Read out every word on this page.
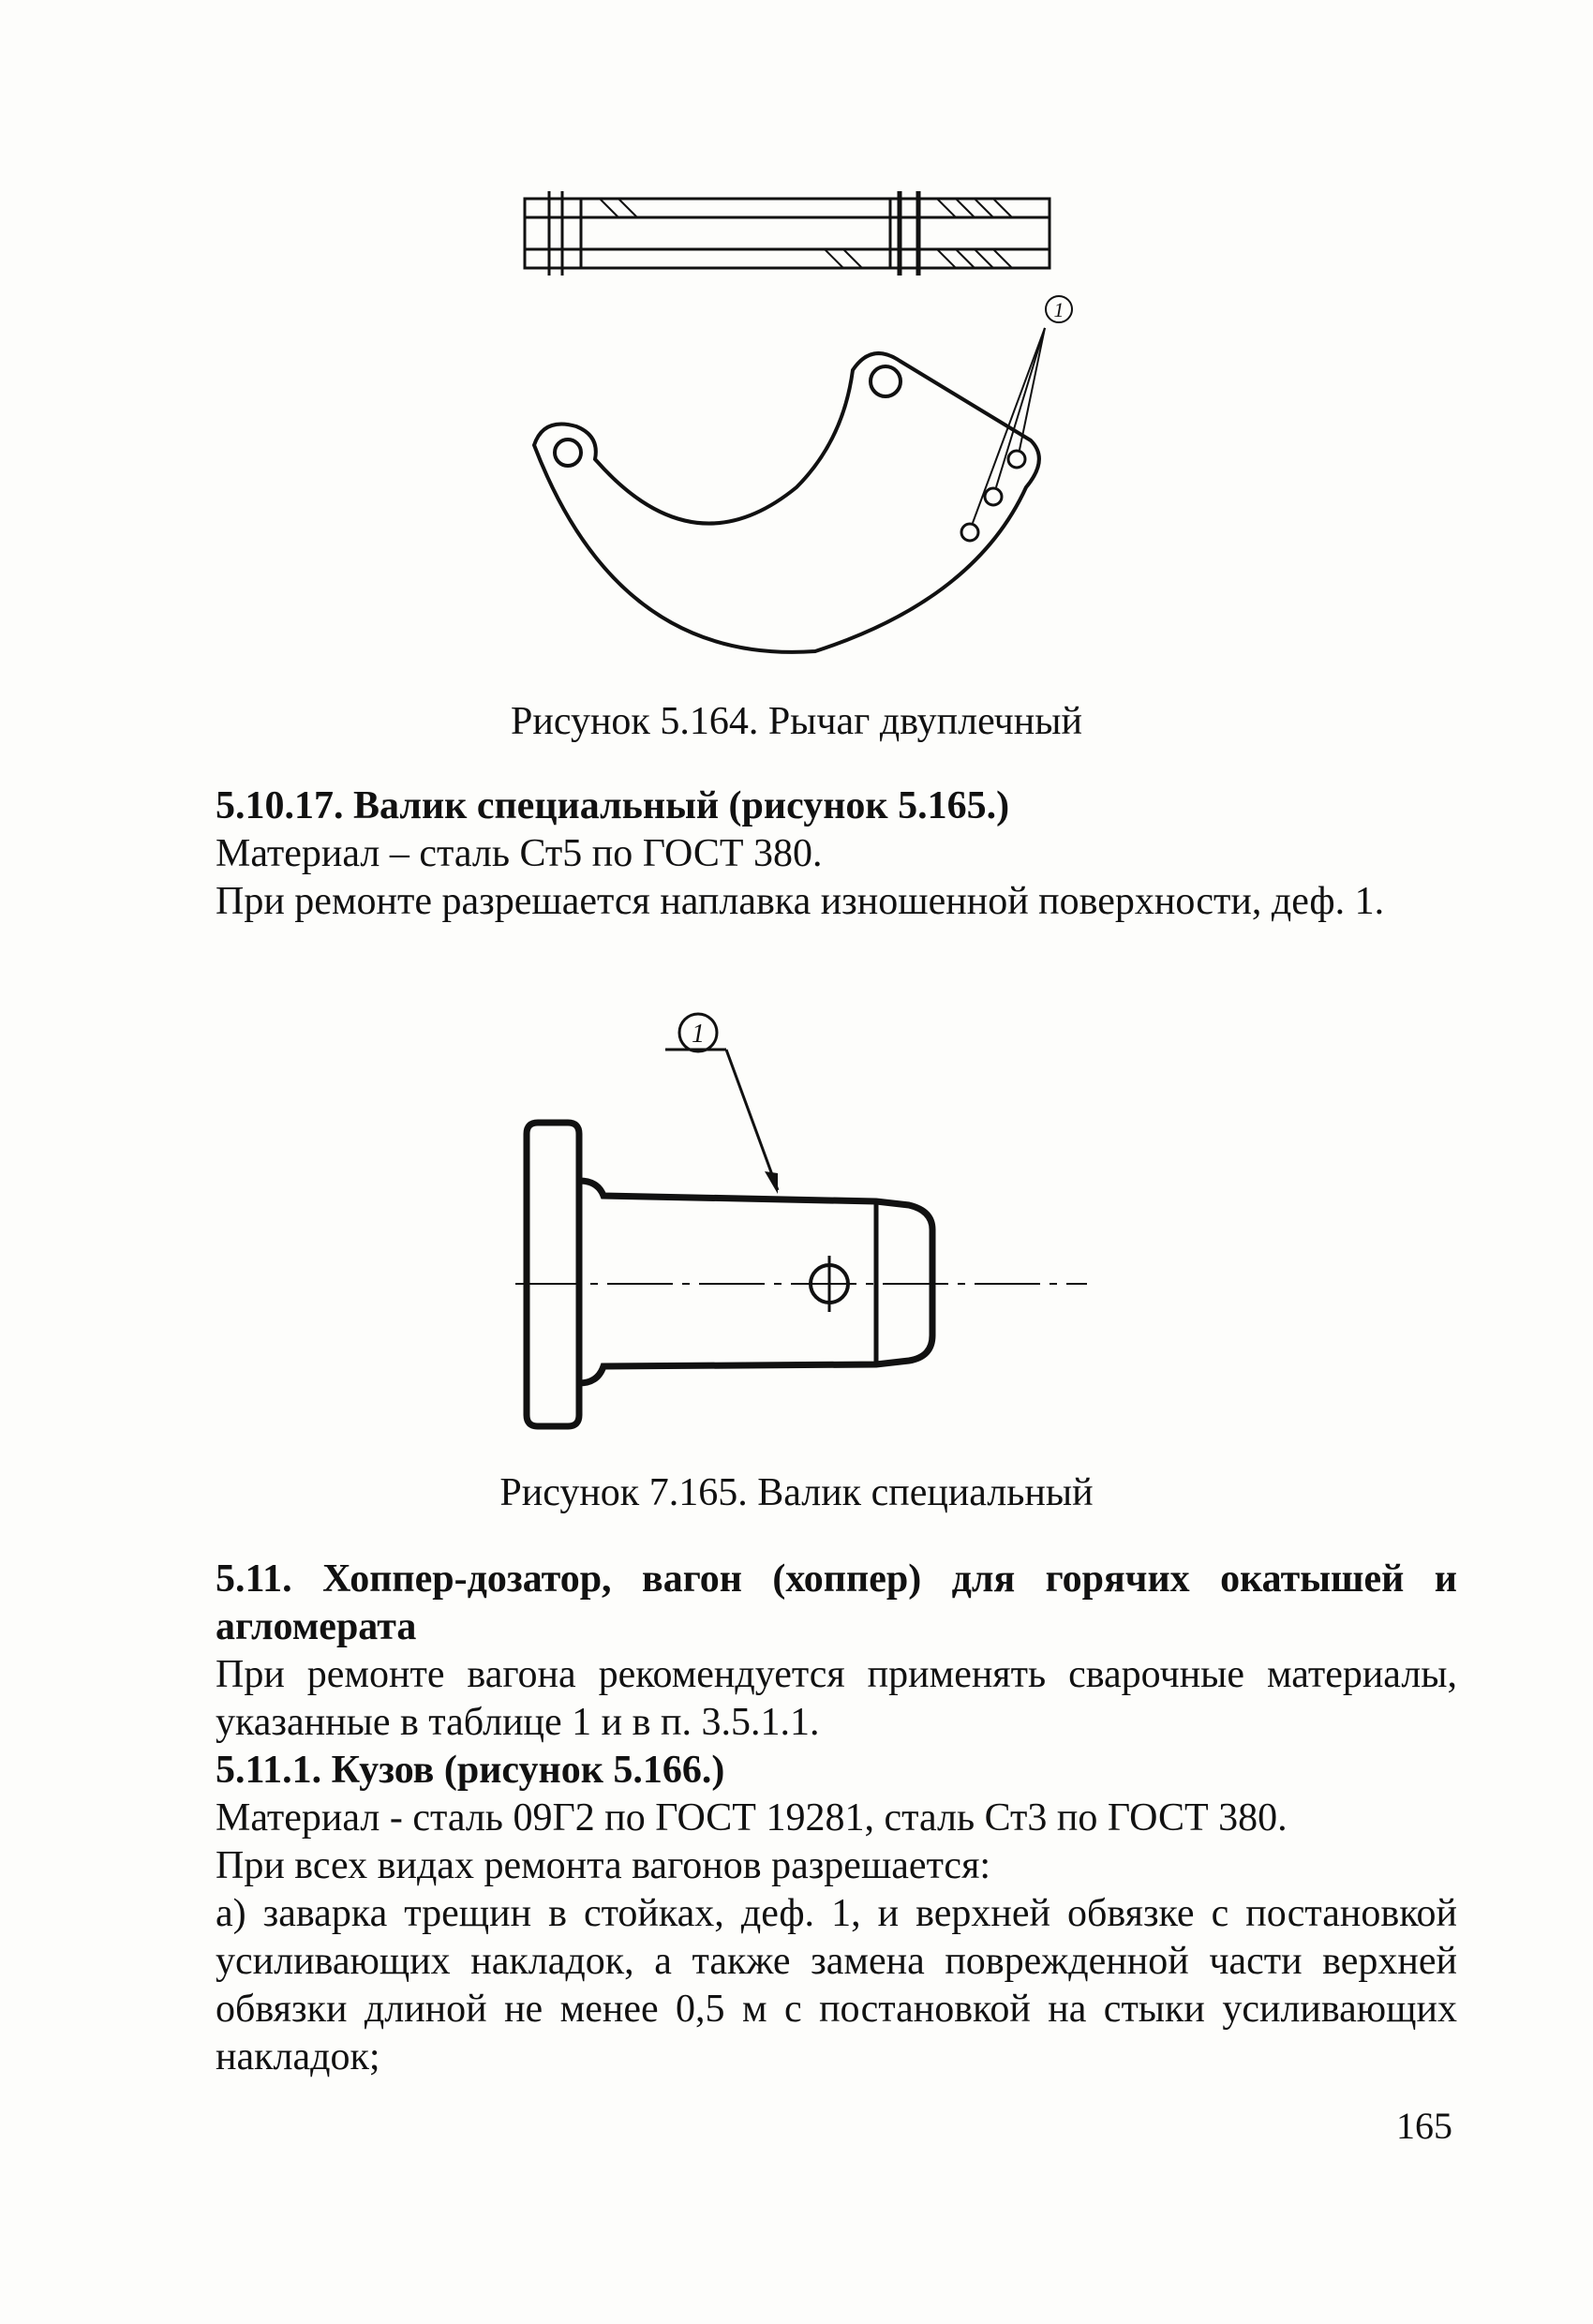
1
Рисунок 5.164. Рычаг двуплечный

5.10.17. Валик специальный (рисунок 5.165.)

Материал – сталь Ст5 по ГОСТ 380.

При ремонте разрешается наплавка изношенной поверхности, деф. 1.

1
Рисунок 7.165. Валик специальный

5.11. Хоппер-дозатор, вагон (хоппер) для горячих окатышей и агломерата

При ремонте вагона рекомендуется применять сварочные материалы, указанные в таблице 1 и в п. 3.5.1.1.

5.11.1. Кузов (рисунок 5.166.)

Материал - сталь 09Г2 по ГОСТ 19281, сталь Ст3 по ГОСТ 380.

При всех видах ремонта вагонов разрешается:

а) заварка трещин в стойках, деф. 1, и верхней обвязке с постановкой усиливающих накладок, а также замена поврежденной части верхней обвязки длиной не менее 0,5 м с постановкой на стыки усиливающих накладок;

165
